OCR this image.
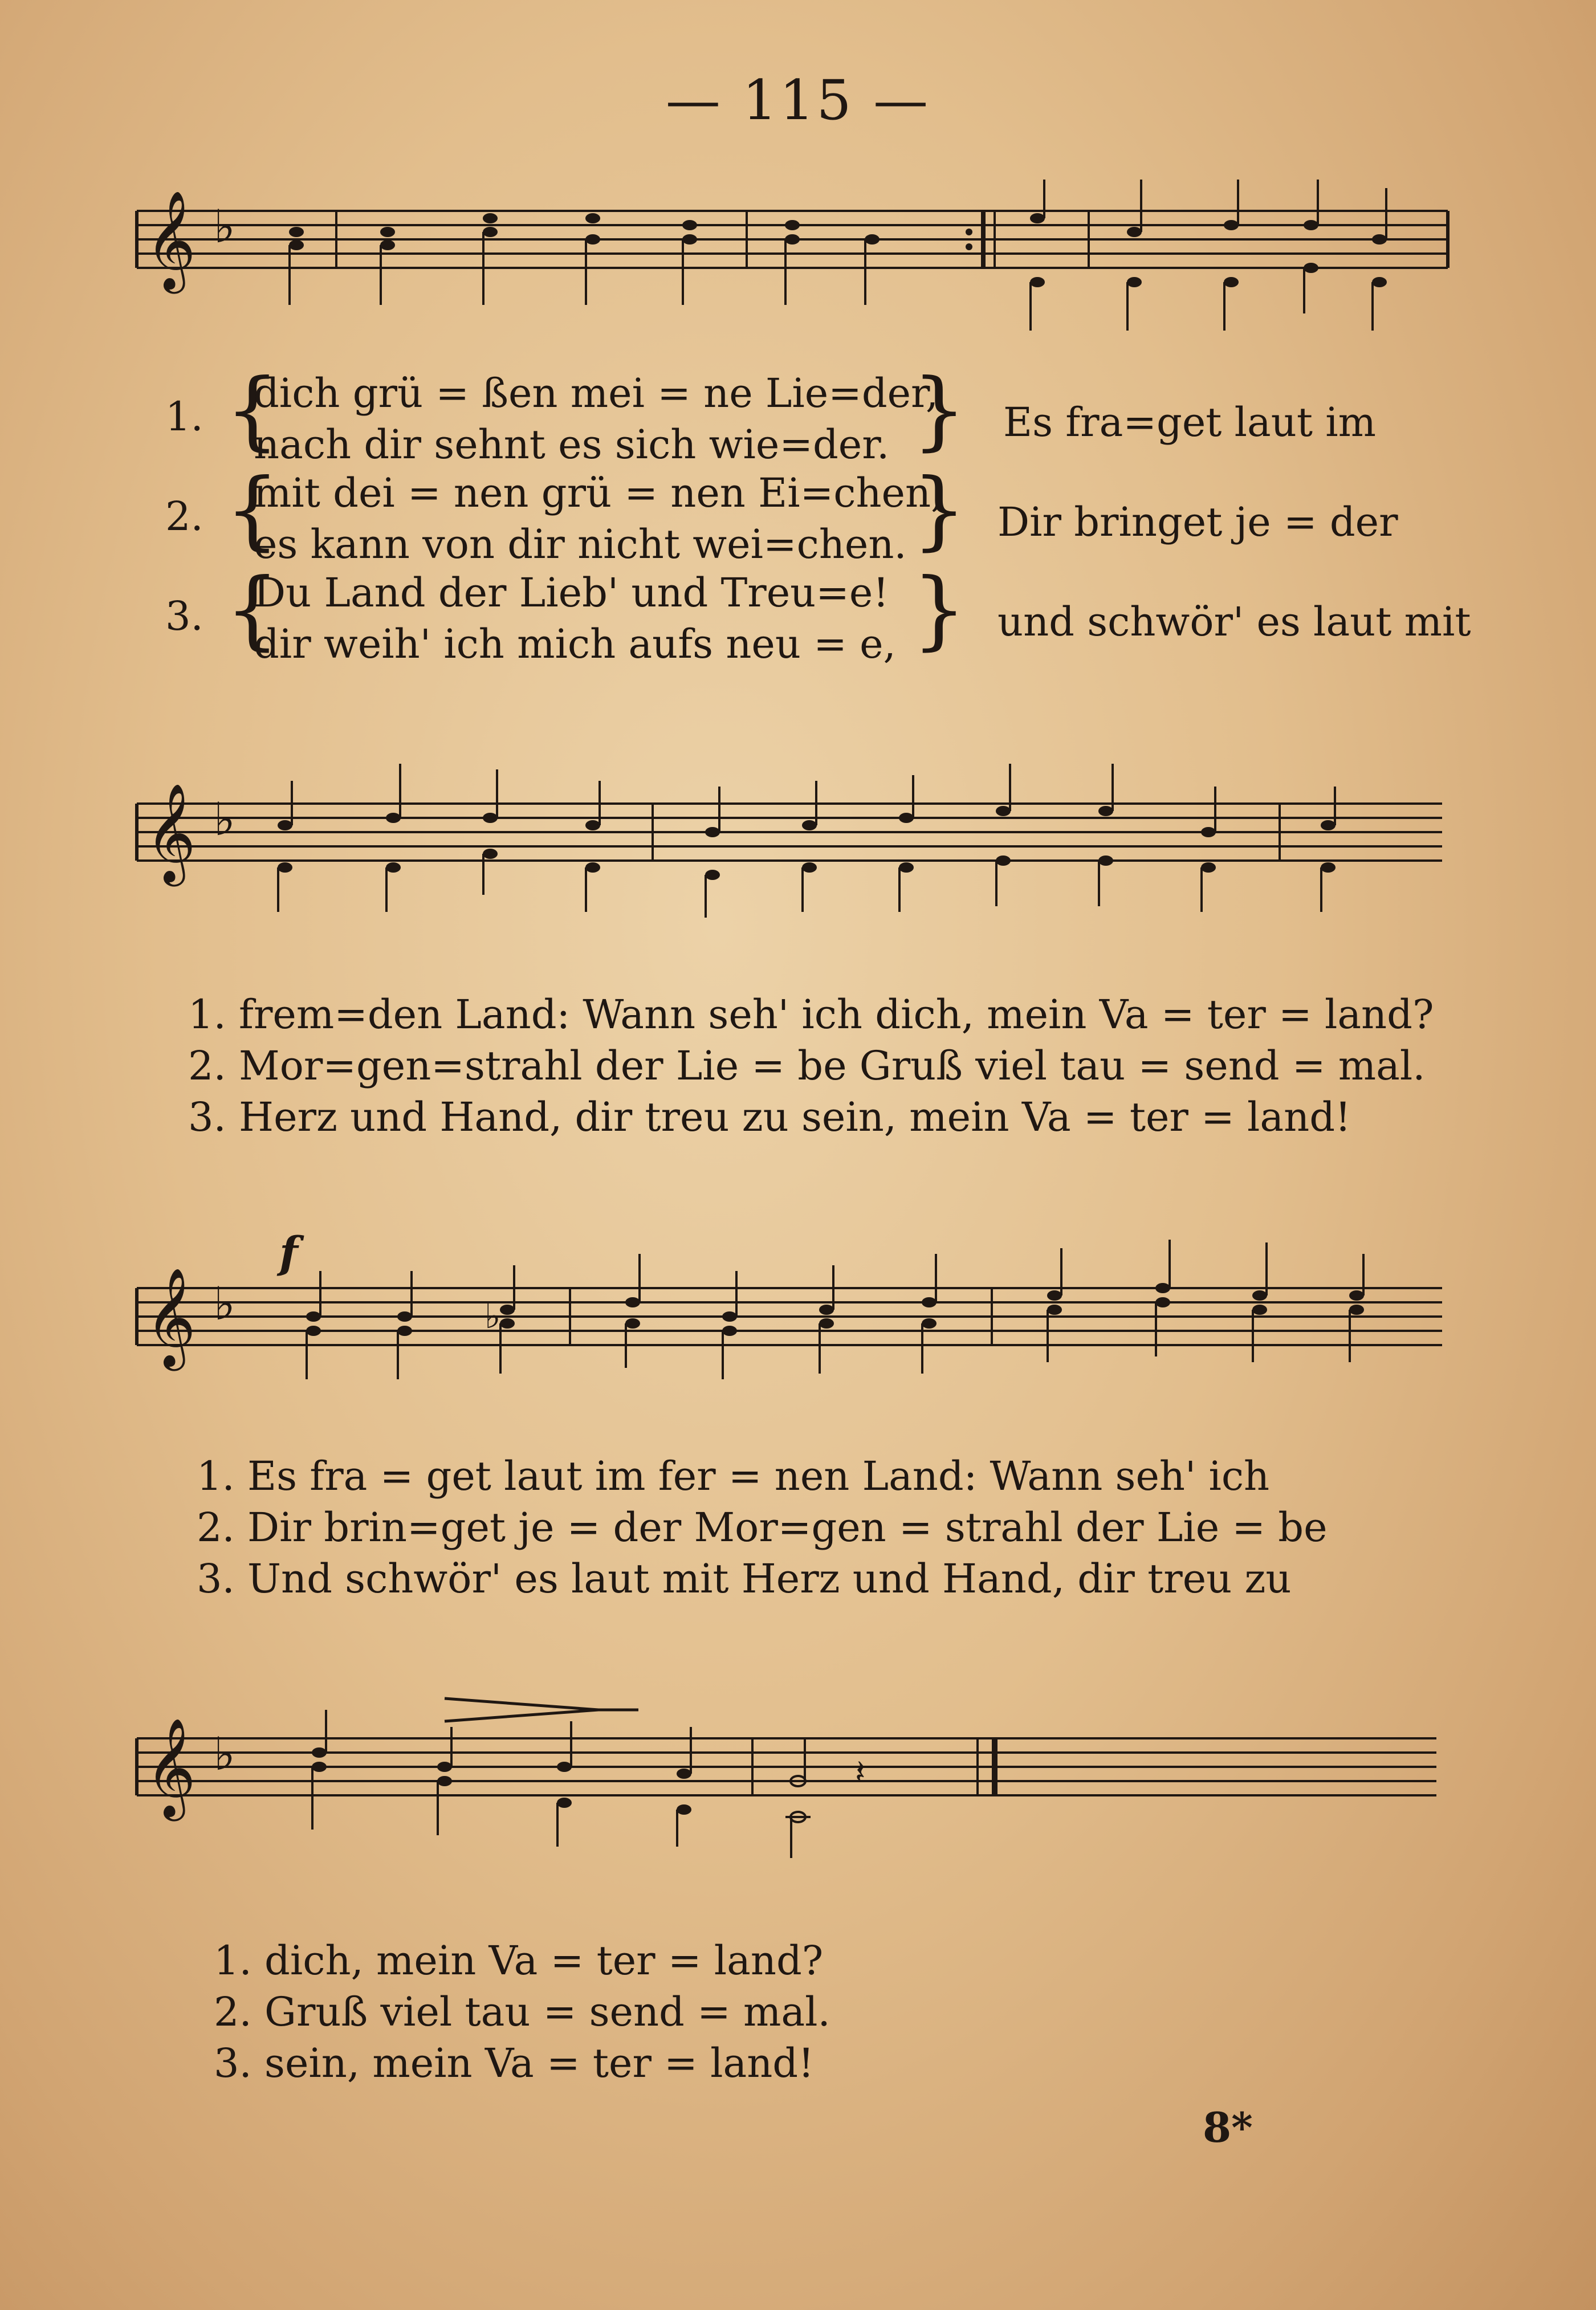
— 115 —
𝄞 ♭
1. {
dich grü = ßen mei = ne Lie=der,
nach dir sehnt es sich wie=der. }
2. {
mit dei = nen grü = nen Ei=chen,
es kann von dir nicht wei=chen. }
3. {
Du Land der Lieb' und Treu=e!
dir weih' ich mich aufs neu = e, }
Es fra=get laut im
Dir bringet je = der
und schwör' es laut mit
𝄞 ♭
1. frem=den Land: Wann seh' ich dich, mein Va = ter = land?
2. Mor=gen=strahl der Lie = be Gruß viel tau = send = mal.
3. Herz und Hand, dir treu zu sein, mein Va = ter = land!
f
𝄞 ♭	♭
1. Es fra = get laut im fer = nen Land: Wann seh' ich
2. Dir brin=get je = der Mor=gen = strahl der Lie = be
3. Und schwör' es laut mit Herz und Hand, dir treu zu
𝄞 ♭	𝄽
1. dich, mein Va = ter = land?
2. Gruß viel tau = send = mal.
3. sein, mein Va = ter = land!
8*
